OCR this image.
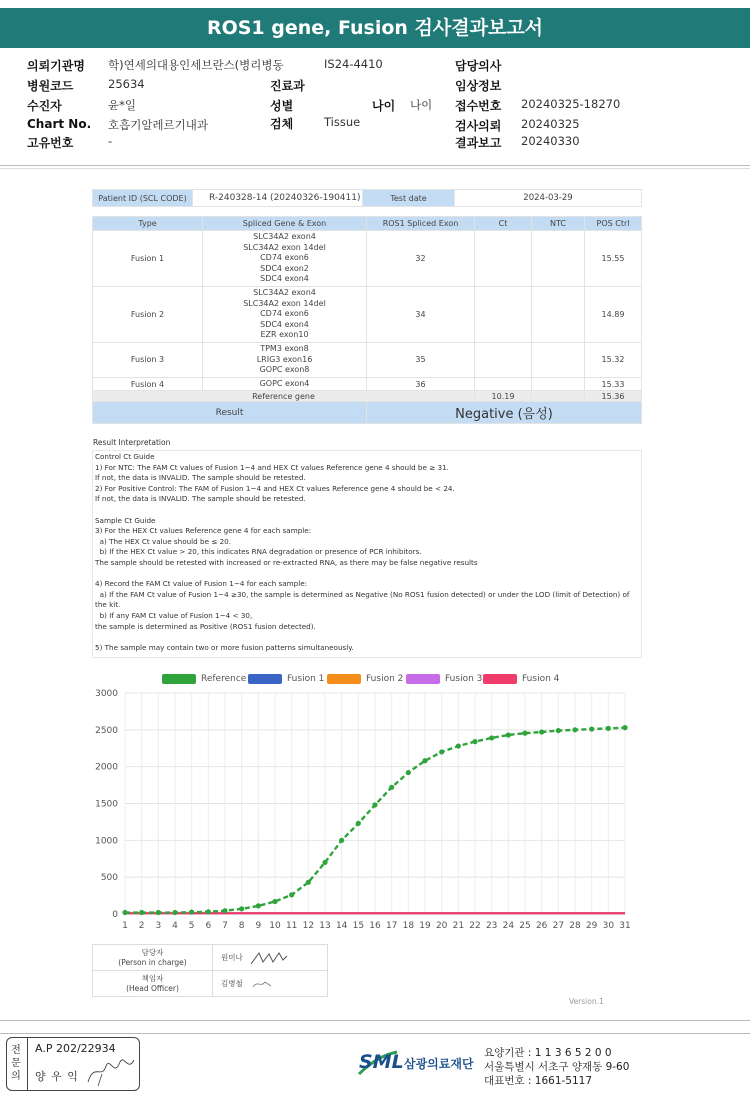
ROS1 gene, Fusion 검사결과보고서
의뢰기관명 학)연세의대용인세브란스(병리병동	IS24-4410	담당의사
병원코드	25634	진료과	임상정보
수진자	윤*일	성별	나이 나이 접수번호 20240325-18270
Chart No. 호흡기알레르기내과	검체	Tissue	검사의뢰 20240325
고유번호	-	결과보고 20240330
Patient ID (SCL CODE)	R-240328-14 (20240326-190411)	Test date	2024-03-29
Type	Spliced Gene & Exon	ROS1 Spliced Exon	Ct	NTC	POS Ctrl
Fusion 1	SLC34A2 exon4
SLC34A2 exon 14del
CD74 exon6
SDC4 exon2
SDC4 exon4	32			15.55
Fusion 2	SLC34A2 exon4
SLC34A2 exon 14del
CD74 exon6
SDC4 exon4
EZR exon10	34			14.89
Fusion 3	TPM3 exon8
LRIG3 exon16
GOPC exon8	35			15.32
Fusion 4	GOPC exon4	36			15.33
Reference gene			10.19		15.36
Result		Negative (음성)			
Result Interpretation
Control Ct Guide
1) For NTC: The FAM Ct values of Fusion 1~4 and HEX Ct values Reference gene 4 should be ≥ 31.
If not, the data is INVALID. The sample should be retested.
2) For Positive Control: The FAM of Fusion 1~4 and HEX Ct values Reference gene 4 should be < 24.
If not, the data is INVALID. The sample should be retested.
Sample Ct Guide
3) For the HEX Ct values Reference gene 4 for each sample:
a) The HEX Ct value should be ≤ 20.
b) If the HEX Ct value > 20, this indicates RNA degradation or presence of PCR inhibitors.
The sample should be retested with increased or re-extracted RNA, as there may be false negative results
4) Record the FAM Ct value of Fusion 1~4 for each sample:
a) If the FAM Ct value of Fusion 1~4 ≥30, the sample is determined as Negative (No ROS1 fusion detected) or under the LOD (limit of Detection) of
the kit.
b) If any FAM Ct value of Fusion 1~4 < 30,
the sample is determined as Positive (ROS1 fusion detected).
5) The sample may contain two or more fusion patterns simultaneously.
Reference	Fusion 1	Fusion 2	Fusion 3	Fusion 4
0
500
1000
1500
2000
2500
3000
1 2 3 4 5 6 7 8 9 10 11 12 13 14 15 16 17 18 19 20 21 22 23 24 25 26 27 28 29 30 31
담당자
(Person in charge)	원미나
책임자
(Head Officer)	김병철
Version.1
전문의
A.P 202/22934
양 우 익
SML 삼광의료재단
요양기관 : 1 1 3 6 5 2 0 0
서울특별시 서초구 양재동 9-60
대표번호 : 1661-5117
